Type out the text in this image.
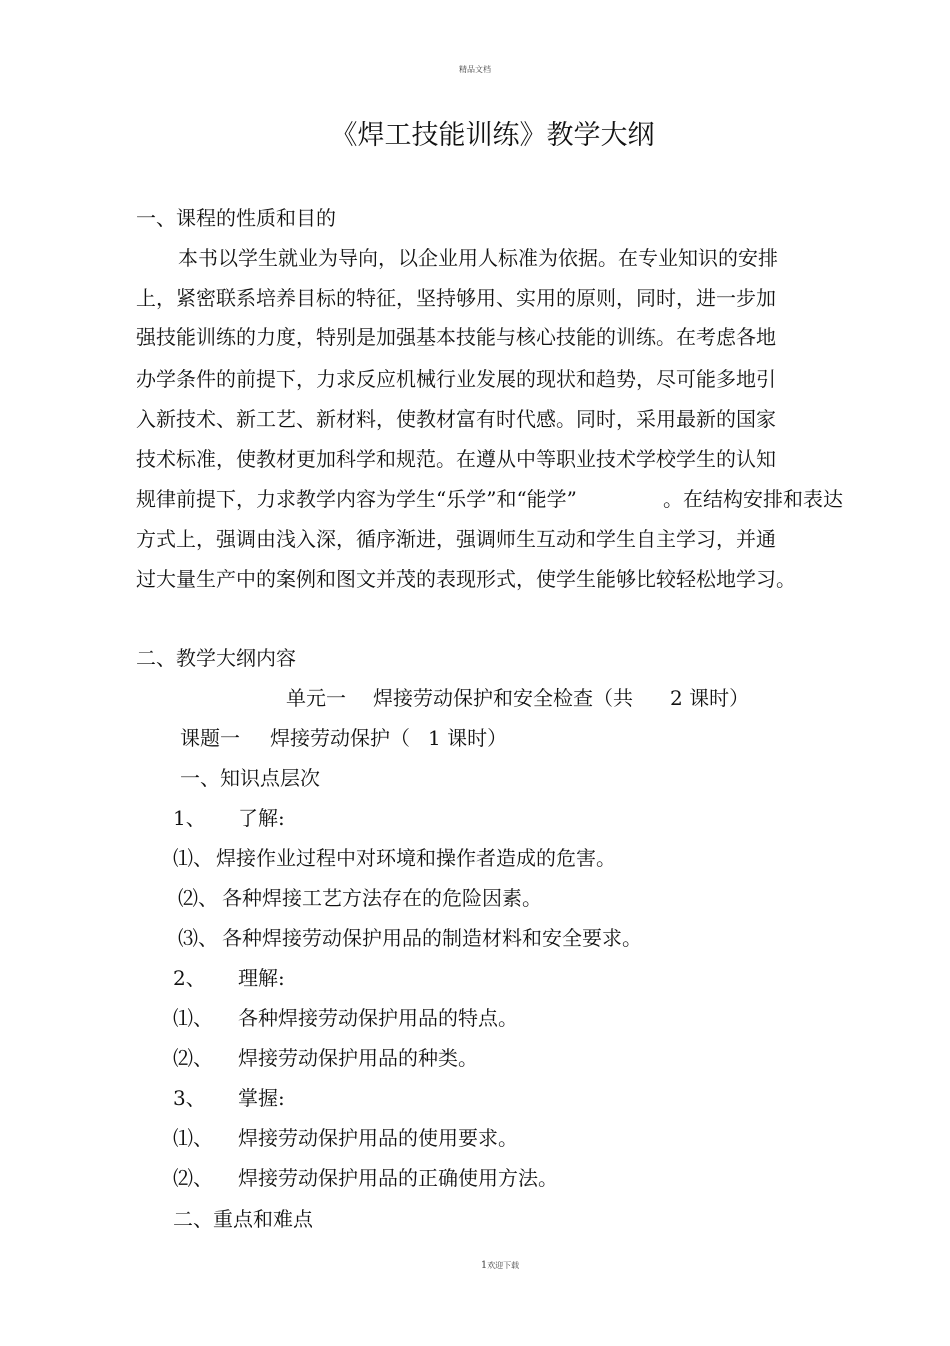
精品文档
《焊工技能训练》教学大纲
一、课程的性质和目的
本书以学生就业为导向，以企业用人标准为依据。在专业知识的安排
上，紧密联系培养目标的特征，坚持够用、实用的原则，同时，进一步加
强技能训练的力度，特别是加强基本技能与核心技能的训练。在考虑各地
办学条件的前提下，力求反应机械行业发展的现状和趋势，尽可能多地引
入新技术、新工艺、新材料，使教材富有时代感。同时，采用最新的国家
技术标准，使教材更加科学和规范。在遵从中等职业技术学校学生的认知
规律前提下，力求教学内容为学生“乐学”和“能学”	。在结构安排和表达
方式上，强调由浅入深，循序渐进，强调师生互动和学生自主学习，并通
过大量生产中的案例和图文并茂的表现形式，使学生能够比较轻松地学习。
二、教学大纲内容
单元一 焊接劳动保护和安全检查（共 2 课时）
课题一 焊接劳动保护（ 1 课时）
一、知识点层次
1、 了解:
⑴、 焊接作业过程中对环境和操作者造成的危害。
⑵、 各种焊接工艺方法存在的危险因素。
⑶、 各种焊接劳动保护用品的制造材料和安全要求。
2、 理解:
⑴、 各种焊接劳动保护用品的特点。
⑵、 焊接劳动保护用品的种类。
3、 掌握:
⑴、 焊接劳动保护用品的使用要求。
⑵、 焊接劳动保护用品的正确使用方法。
二、重点和难点
1欢迎下载
